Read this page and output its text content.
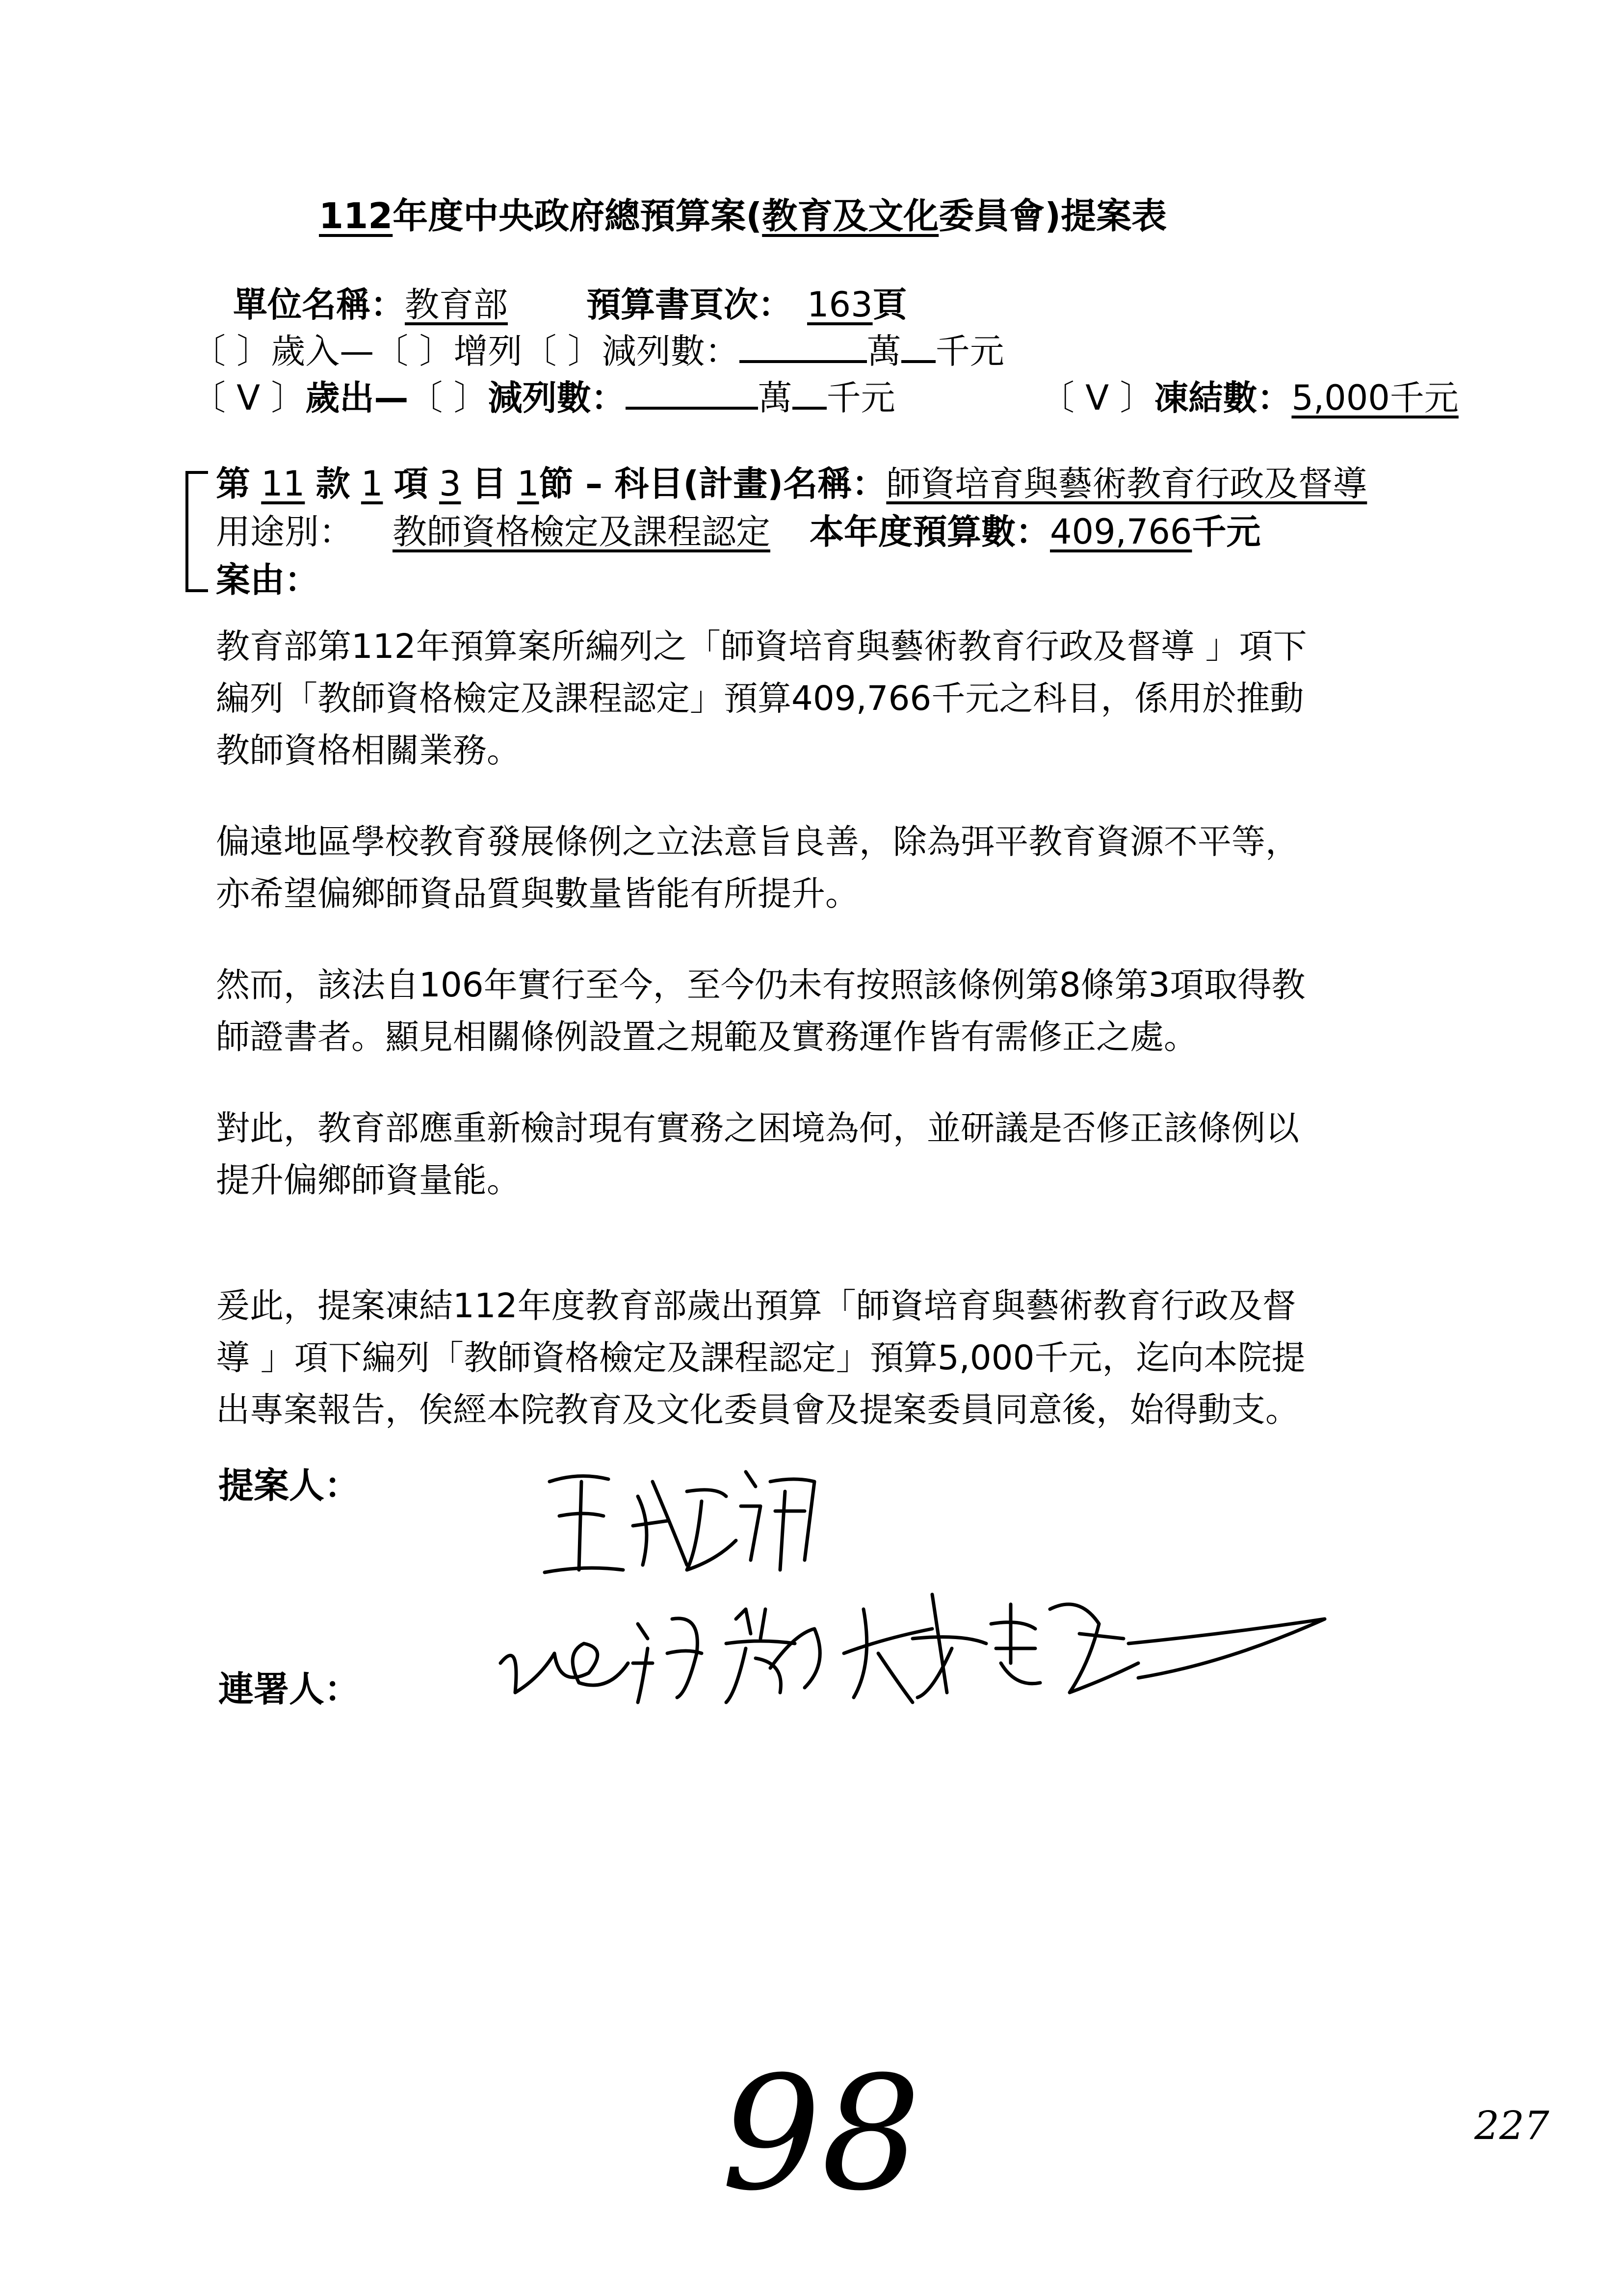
112年度中央政府總預算案(教育及文化委員會)提案表
單位名稱：教育部 預算書頁次： 163頁
〔 〕歲入—〔 〕增列〔 〕減列數：	萬 千元
〔 V 〕歲出—〔 〕減列數：	萬 千元	〔 V 〕凍結數：5,000千元
第 11 款 1 項 3 目 1節 – 科目(計畫)名稱：師資培育與藝術教育行政及督導
用途別： 教師資格檢定及課程認定 本年度預算數：409,766千元
案由：

教育部第112年預算案所編列之「師資培育與藝術教育行政及督導 」項下
編列「教師資格檢定及課程認定」預算409,766千元之科目，係用於推動
教師資格相關業務。

偏遠地區學校教育發展條例之立法意旨良善，除為弭平教育資源不平等，
亦希望偏鄉師資品質與數量皆能有所提升。

然而，該法自106年實行至今，至今仍未有按照該條例第8條第3項取得教
師證書者。顯見相關條例設置之規範及實務運作皆有需修正之處。

對此，教育部應重新檢討現有實務之困境為何，並研議是否修正該條例以
提升偏鄉師資量能。

爰此，提案凍結112年度教育部歲出預算「師資培育與藝術教育行政及督
導 」項下編列「教師資格檢定及課程認定」預算5,000千元，迄向本院提
出專案報告，俟經本院教育及文化委員會及提案委員同意後，始得動支。

提案人：
連署人：
98	227
